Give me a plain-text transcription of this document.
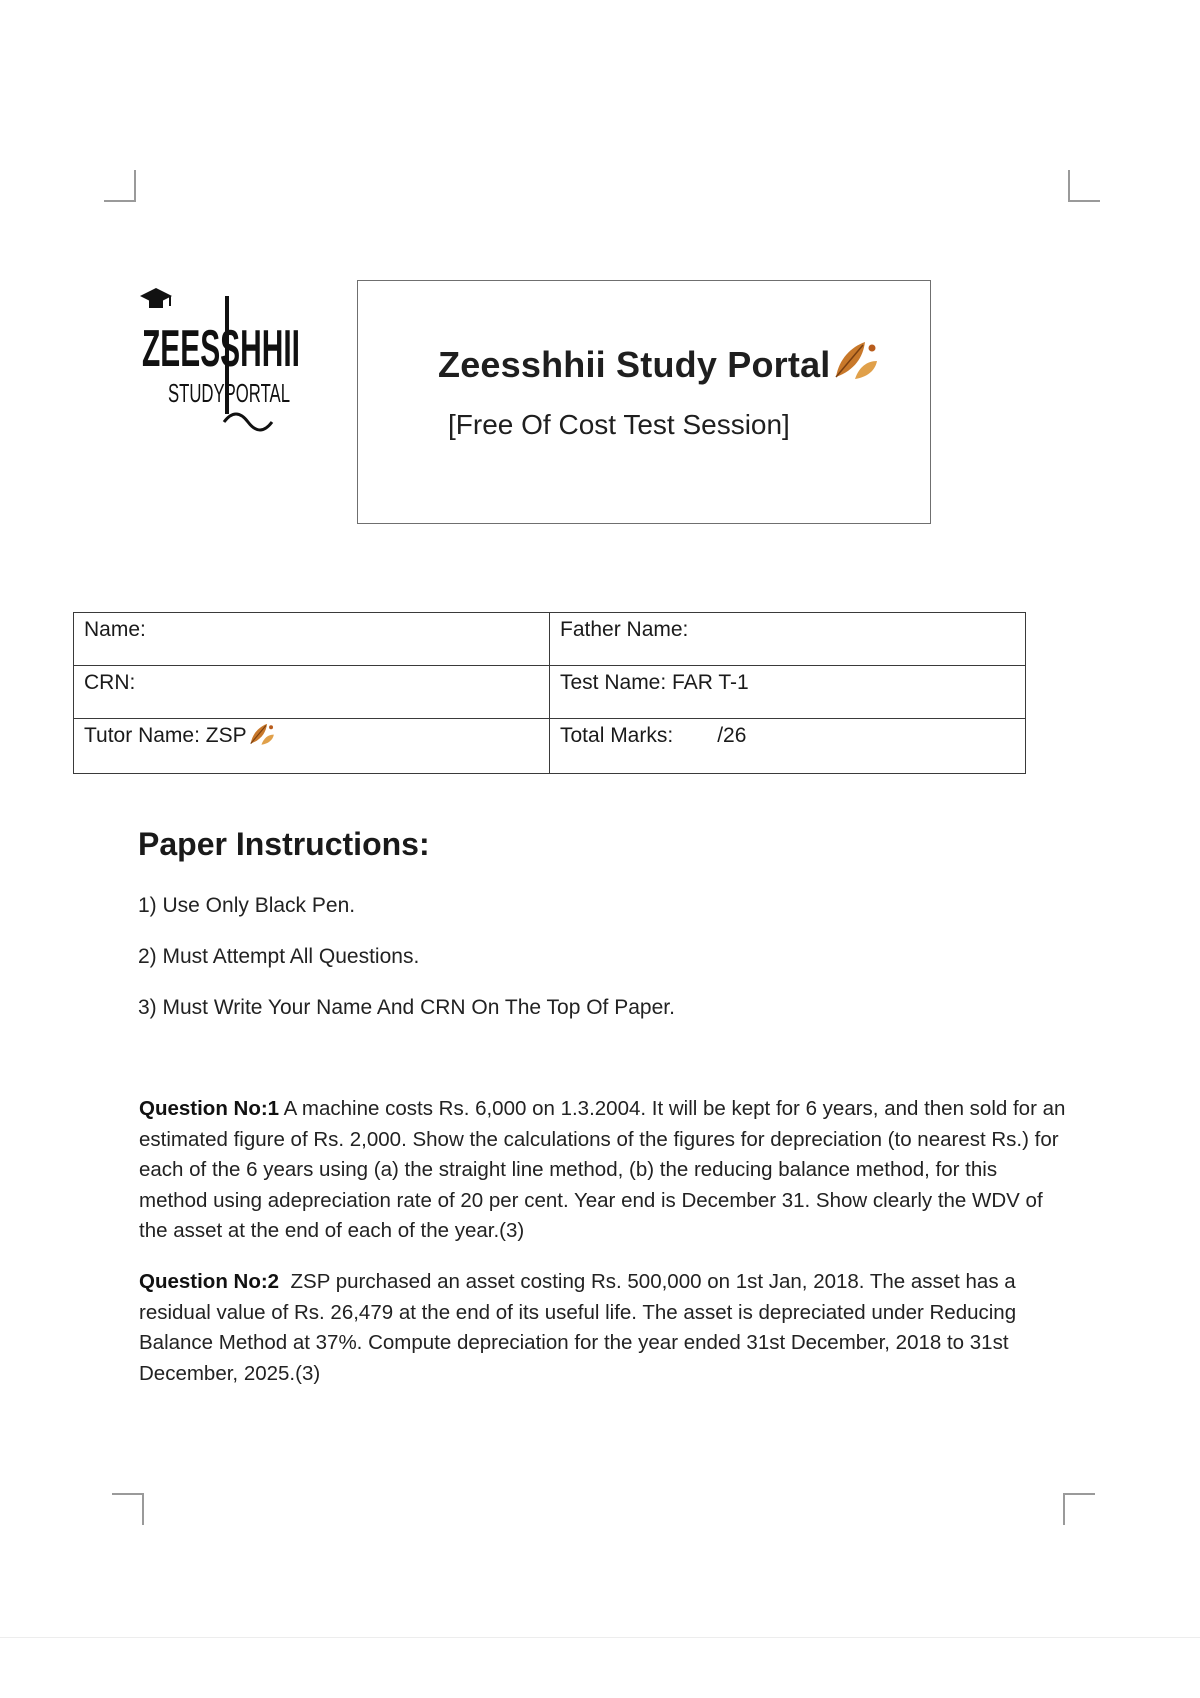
ZEESSHHII
STUDYPORTAL
Zeesshhii Study Portal
[Free Of Cost Test Session]
Name:	Father Name:
CRN:	Test Name: FAR T-1
Tutor Name: ZSP	Total Marks: /26
Paper Instructions:
1) Use Only Black Pen.
2) Must Attempt All Questions.
3) Must Write Your Name And CRN On The Top Of Paper.
Question No:1 A machine costs Rs. 6,000 on 1.3.2004. It will be kept for 6 years, and then sold for an estimated figure of Rs. 2,000. Show the calculations of the figures for depreciation (to nearest Rs.) for each of the 6 years using (a) the straight line method, (b) the reducing balance method, for this method using adepreciation rate of 20 per cent. Year end is December 31. Show clearly the WDV of the asset at the end of each of the year.(3)
Question No:2 ZSP purchased an asset costing Rs. 500,000 on 1st Jan, 2018. The asset has a residual value of Rs. 26,479 at the end of its useful life. The asset is depreciated under Reducing Balance Method at 37%. Compute depreciation for the year ended 31st December, 2018 to 31st December, 2025.(3)
